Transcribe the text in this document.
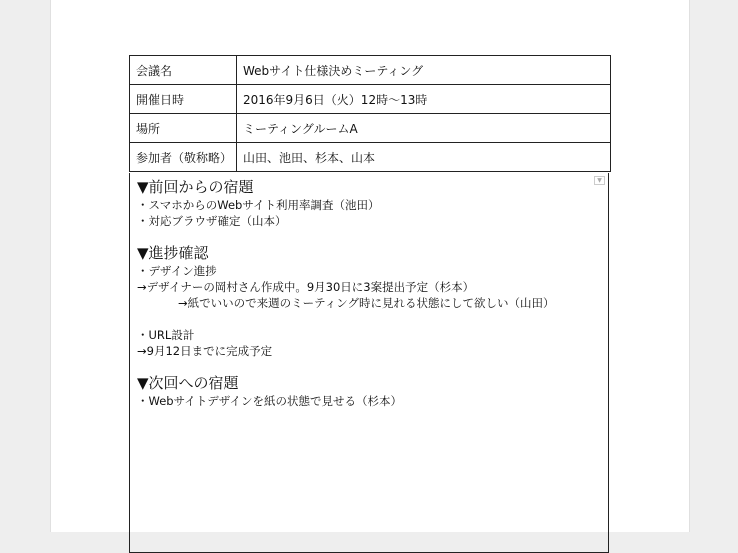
会議名	Webサイト仕様決めミーティング
開催日時	2016年9月6日（火）12時～13時
場所	ミーティングルームA
参加者（敬称略）	山田、池田、杉本、山本
▼
▼前回からの宿題
・スマホからのWebサイト利用率調査（池田）
・対応ブラウザ確定（山本）
▼進捗確認
・デザイン進捗
→デザイナーの岡村さん作成中。9月30日に3案提出予定（杉本）
→紙でいいので来週のミーティング時に見れる状態にして欲しい（山田）
・URL設計
→9月12日までに完成予定
▼次回への宿題
・Webサイトデザインを紙の状態で見せる（杉本）
